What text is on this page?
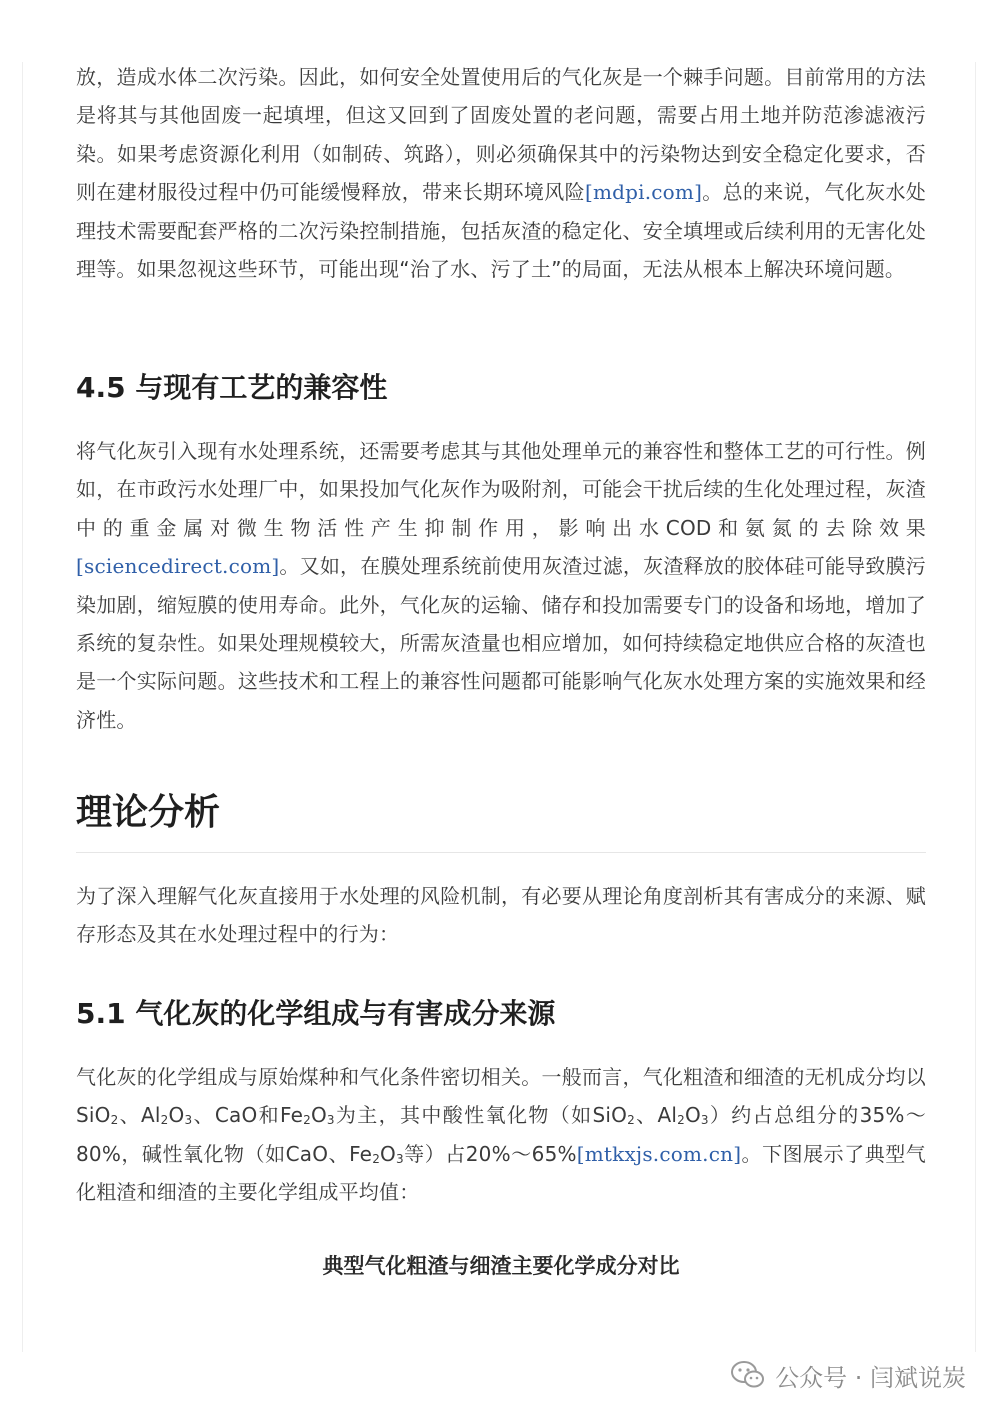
放，造成水体二次污染。因此，如何安全处置使用后的气化灰是一个棘手问题。目前常用的方法是将其与其他固废一起填埋，但这又回到了固废处置的老问题，需要占用土地并防范渗滤液污染。如果考虑资源化利用（如制砖、筑路），则必须确保其中的污染物达到安全稳定化要求，否则在建材服役过程中仍可能缓慢释放，带来长期环境风险[mdpi.com]。总的来说，气化灰水处理技术需要配套严格的二次污染控制措施，包括灰渣的稳定化、安全填埋或后续利用的无害化处理等。如果忽视这些环节，可能出现“治了水、污了土”的局面，无法从根本上解决环境问题。

4.5 与现有工艺的兼容性

将气化灰引入现有水处理系统，还需要考虑其与其他处理单元的兼容性和整体工艺的可行性。例如，在市政污水处理厂中，如果投加气化灰作为吸附剂，可能会干扰后续的生化处理过程，灰渣中的重金属对微生物活性产生抑制作用，影响出水COD和氨氮的去除效果[sciencedirect.com]。又如，在膜处理系统前使用灰渣过滤，灰渣释放的胶体硅可能导致膜污染加剧，缩短膜的使用寿命。此外，气化灰的运输、储存和投加需要专门的设备和场地，增加了系统的复杂性。如果处理规模较大，所需灰渣量也相应增加，如何持续稳定地供应合格的灰渣也是一个实际问题。这些技术和工程上的兼容性问题都可能影响气化灰水处理方案的实施效果和经济性。

理论分析

为了深入理解气化灰直接用于水处理的风险机制，有必要从理论角度剖析其有害成分的来源、赋存形态及其在水处理过程中的行为：

5.1 气化灰的化学组成与有害成分来源

气化灰的化学组成与原始煤种和气化条件密切相关。一般而言，气化粗渣和细渣的无机成分均以SiO$_2$、$Al_2O_3$、CaO和$Fe_2O_3$为主，其中酸性氧化物（如SiO$_2$、$Al_2O_3$）约占总组分的35%～80%，碱性氧化物（如CaO、$Fe_2O_3$等）占20%～65%[mtkxjs.com.cn]。下图展示了典型气化粗渣和细渣的主要化学组成平均值：

典型气化粗渣与细渣主要化学成分对比
公众号 · 闫斌说炭
